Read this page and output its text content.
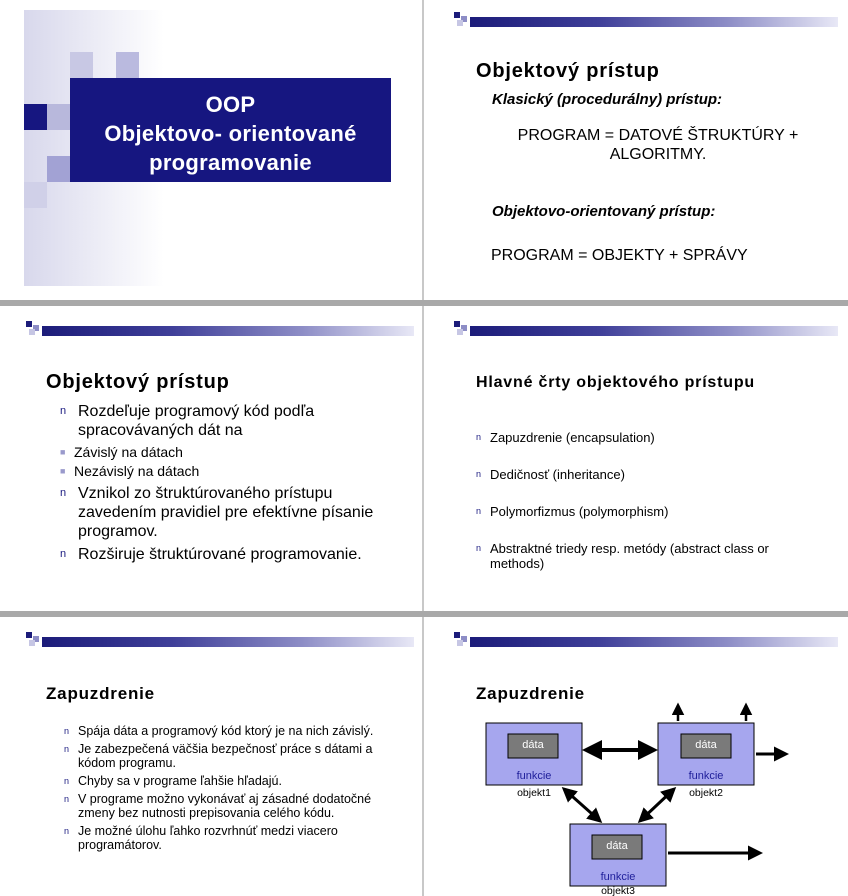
OOP
Objektovo- orientované
programovanie
Objektový prístup
Klasický (procedurálny) prístup:
PROGRAM = DATOVÉ ŠTRUKTÚRY +
ALGORITMY.
Objektovo-orientovaný prístup:
PROGRAM = OBJEKTY + SPRÁVY
Objektový prístup
n Rozdeľuje programový kód podľa spracovávaných dát na
■ Závislý na dátach
■ Nezávislý na dátach
n Vznikol zo štruktúrovaného prístupu zavedením pravidiel pre efektívne písanie programov.
n Rozširuje štruktúrované programovanie.
Hlavné črty objektového prístupu
n Zapuzdrenie (encapsulation)
n Dedičnosť (inheritance)
n Polymorfizmus (polymorphism)
n Abstraktné triedy resp. metódy (abstract class or methods)
Zapuzdrenie
n Spája dáta a programový kód ktorý je na nich závislý.
n Je zabezpečená väčšia bezpečnosť práce s dátami a kódom programu.
n Chyby sa v programe ľahšie hľadajú.
n V programe možno vykonávať aj zásadné dodatočné zmeny bez nutnosti prepisovania celého kódu.
n Je možné úlohu ľahko rozvrhnúť medzi viacero programátorov.
Zapuzdrenie
dáta	dáta
dáta
funkcie	funkcie
funkcie
objekt1	objekt2
objekt3
